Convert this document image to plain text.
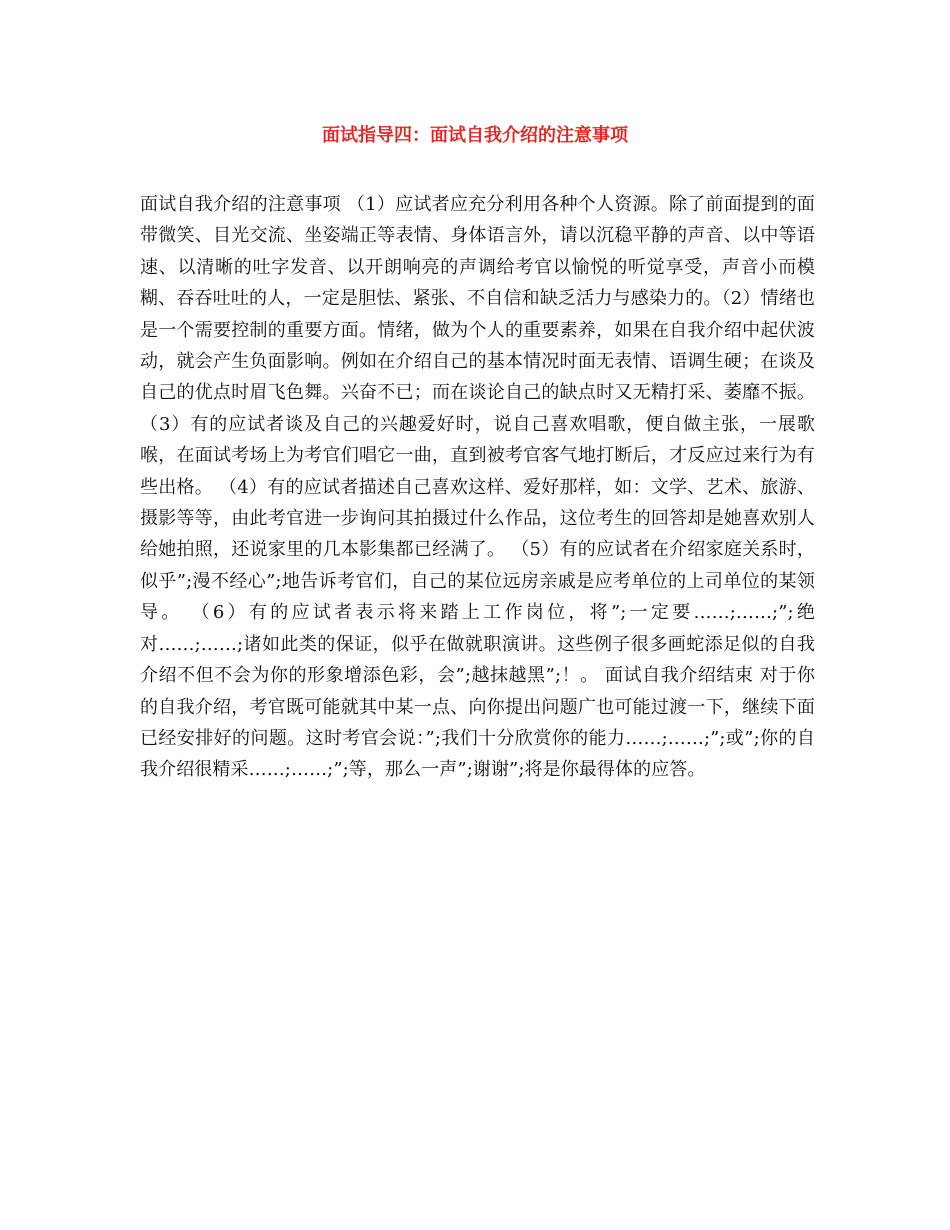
面试指导四：面试自我介绍的注意事项
面试自我介绍的注意事项 （1）应试者应充分利用各种个人资源。除了前面提到的面带微笑、目光交流、坐姿端正等表情、身体语言外，请以沉稳平静的声音、以中等语速、以清晰的吐字发音、以开朗响亮的声调给考官以愉悦的听觉享受，声音小而模糊、吞吞吐吐的人，一定是胆怯、紧张、不自信和缺乏活力与感染力的。（2）情绪也是一个需要控制的重要方面。情绪，做为个人的重要素养，如果在自我介绍中起伏波动，就会产生负面影响。例如在介绍自己的基本情况时面无表情、语调生硬；在谈及自己的优点时眉飞色舞。兴奋不已；而在谈论自己的缺点时又无精打采、萎靡不振。 （3）有的应试者谈及自己的兴趣爱好时，说自己喜欢唱歌，便自做主张，一展歌喉，在面试考场上为考官们唱它一曲，直到被考官客气地打断后，才反应过来行为有些出格。 （4）有的应试者描述自己喜欢这样、爱好那样，如：文学、艺术、旅游、摄影等等，由此考官进一步询问其拍摄过什么作品，这位考生的回答却是她喜欢别人给她拍照，还说家里的几本影集都已经满了。 （5）有的应试者在介绍家庭关系时，似乎”;漫不经心”;地告诉考官们，自己的某位远房亲戚是应考单位的上司单位的某领导。 （6）有的应试者表示将来踏上工作岗位，将”;一定要……;……;”;绝对……;……;诸如此类的保证，似乎在做就职演讲。这些例子很多画蛇添足似的自我介绍不但不会为你的形象增添色彩，会”;越抹越黑”;！。 面试自我介绍结束 对于你的自我介绍，考官既可能就其中某一点、向你提出问题广也可能过渡一下，继续下面已经安排好的问题。这时考官会说：”;我们十分欣赏你的能力……;……;”;或”;你的自我介绍很精采……;……;”;等，那么一声”;谢谢”;将是你最得体的应答。
